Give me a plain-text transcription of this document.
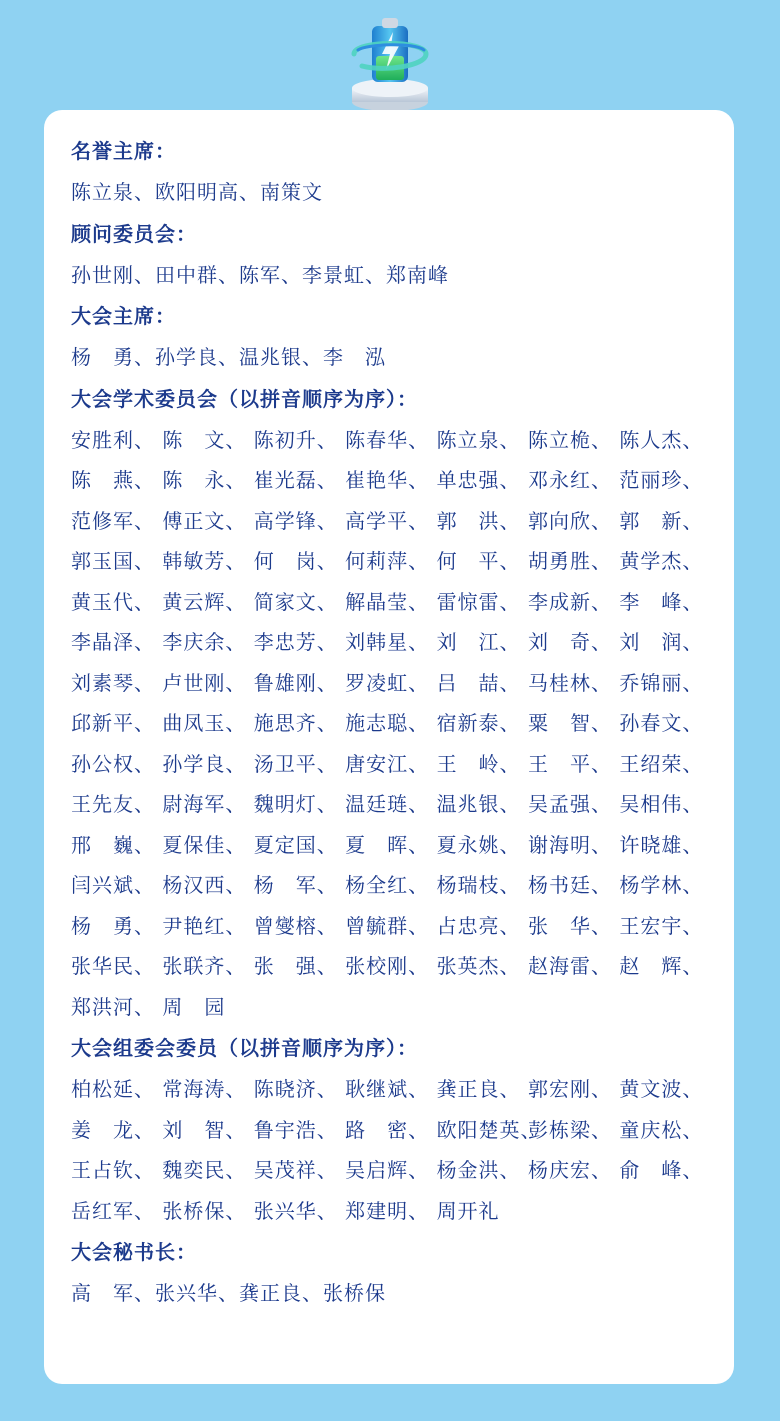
名誉主席：
陈立泉、 欧阳明高、 南策文
顾问委员会：
孙世刚、 田中群、 陈军、 李景虹、 郑南峰
大会主席：
杨　勇、 孙学良、 温兆银、 李　泓
大会学术委员会（以拼音顺序为序）：
安胜利、 陈　文、 陈初升、 陈春华、 陈立泉、 陈立桅、 陈人杰、
陈　燕、 陈　永、 崔光磊、 崔艳华、 单忠强、 邓永红、 范丽珍、
范修军、 傅正文、 高学锋、 高学平、 郭　洪、 郭向欣、 郭　新、
郭玉国、 韩敏芳、 何　岗、 何莉萍、 何　平、 胡勇胜、 黄学杰、
黄玉代、 黄云辉、 简家文、 解晶莹、 雷惊雷、 李成新、 李　峰、
李晶泽、 李庆余、 李忠芳、 刘韩星、 刘　江、 刘　奇、 刘　润、
刘素琴、 卢世刚、 鲁雄刚、 罗凌虹、 吕　喆、 马桂林、 乔锦丽、
邱新平、 曲凤玉、 施思齐、 施志聪、 宿新泰、 粟　智、 孙春文、
孙公权、 孙学良、 汤卫平、 唐安江、 王　岭、 王　平、 王绍荣、
王先友、 尉海军、 魏明灯、 温廷琏、 温兆银、 吴孟强、 吴相伟、
邢　巍、 夏保佳、 夏定国、 夏　晖、 夏永姚、 谢海明、 许晓雄、
闫兴斌、 杨汉西、 杨　军、 杨全红、 杨瑞枝、 杨书廷、 杨学林、
杨　勇、 尹艳红、 曾燮榕、 曾毓群、 占忠亮、 张　华、 王宏宇、
张华民、 张联齐、 张　强、 张校刚、 张英杰、 赵海雷、 赵　辉、
郑洪河、 周　园
大会组委会委员（以拼音顺序为序）：
柏松延、 常海涛、 陈晓济、 耿继斌、 龚正良、 郭宏刚、 黄文波、
姜　龙、 刘　智、 鲁宇浩、 路　密、 欧阳楚英、
彭栋梁、 童庆松、
王占钦、 魏奕民、 吴茂祥、 吴启辉、 杨金洪、 杨庆宏、 俞　峰、
岳红军、 张桥保、 张兴华、 郑建明、 周开礼
大会秘书长：
高　军、 张兴华、 龚正良、 张桥保
